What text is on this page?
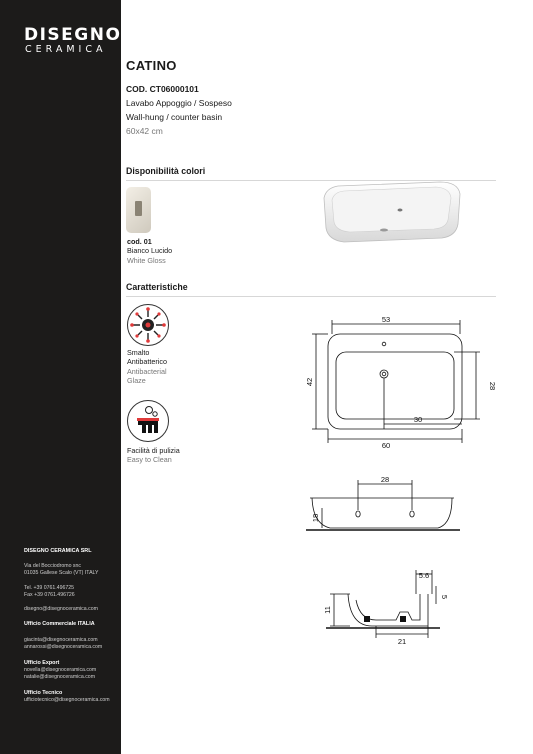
DISEGNO
CERAMICA
DISEGNO CERAMICA SRL
Via del Bocciodromo snc
01035 Gallese Scalo (VT) ITALY
Tel. +39 0761.496725
Fax +39 0761.496726
disegno@disegnoceramica.com
Ufficio Commerciale ITALIA
giacinta@disegnoceramica.com
annarossi@disegnoceramica.com
Ufficio Export
novella@disegnoceramica.com
natalie@disegnoceramica.com
Ufficio Tecnico
ufficiotecnico@disegnoceramica.com
CATINO
COD. CT06000101
Lavabo Appoggio / Sospeso
Wall-hung / counter basin
60x42 cm
Disponibilità colori
cod. 01
Bianco Lucido
White Gloss
Caratteristiche
Smalto
Antibatterico
Antibacterial
Glaze
Facilità di pulizia
Easy to Clean
53
42	28
30
60
28
18
5.6
5
11
21
